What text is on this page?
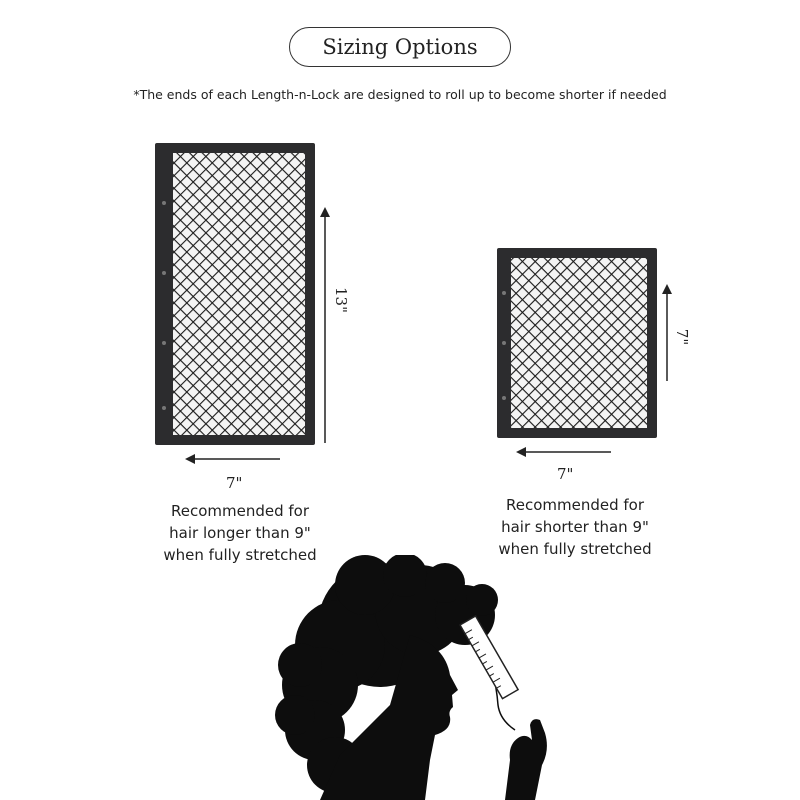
Sizing Options
*The ends of each Length-n-Lock are designed to roll up to become shorter if needed
13"
7"
Recommended for
hair longer than 9"
when fully stretched
7"
7"
Recommended for
hair shorter than 9"
when fully stretched
